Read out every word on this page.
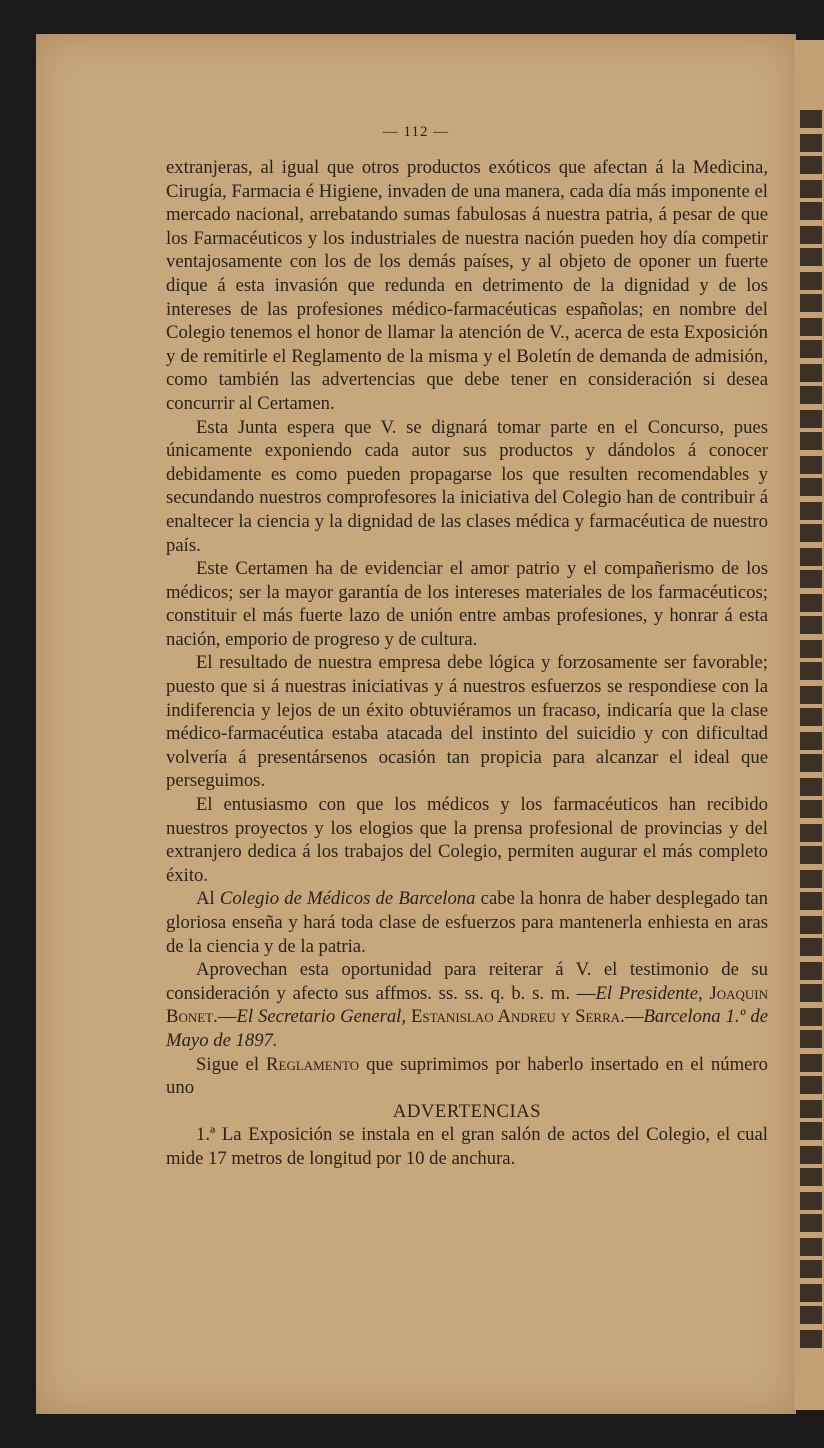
— 112 —

extranjeras, al igual que otros productos exóticos que afectan á la Medicina, Cirugía, Farmacia é Higiene, invaden de una manera, cada día más imponente el mercado nacional, arrebatando sumas fabulosas á nuestra patria, á pesar de que los Farmacéuticos y los industriales de nuestra nación pueden hoy día competir ventajosamente con los de los demás países, y al objeto de oponer un fuerte dique á esta invasión que redunda en detrimento de la dignidad y de los intereses de las profesiones médico-farmacéuticas españolas; en nombre del Colegio tenemos el honor de llamar la atención de V., acerca de esta Exposición y de remitirle el Reglamento de la misma y el Boletín de demanda de admisión, como también las advertencias que debe tener en consideración si desea concurrir al Certamen.

Esta Junta espera que V. se dignará tomar parte en el Concurso, pues únicamente exponiendo cada autor sus productos y dándolos á conocer debidamente es como pueden propagarse los que resulten recomendables y secundando nuestros comprofesores la iniciativa del Colegio han de contribuir á enaltecer la ciencia y la dignidad de las clases médica y farmacéutica de nuestro país.

Este Certamen ha de evidenciar el amor patrio y el compañerismo de los médicos; ser la mayor garantía de los intereses materiales de los farmacéuticos; constituir el más fuerte lazo de unión entre ambas profesiones, y honrar á esta nación, emporio de progreso y de cultura.

El resultado de nuestra empresa debe lógica y forzosamente ser favorable; puesto que si á nuestras iniciativas y á nuestros esfuerzos se respondiese con la indiferencia y lejos de un éxito obtuviéramos un fracaso, indicaría que la clase médico-farmacéutica estaba atacada del instinto del suicidio y con dificultad volvería á presentársenos ocasión tan propicia para alcanzar el ideal que perseguimos.

El entusiasmo con que los médicos y los farmacéuticos han recibido nuestros proyectos y los elogios que la prensa profesional de provincias y del extranjero dedica á los trabajos del Colegio, permiten augurar el más completo éxito.

Al Colegio de Médicos de Barcelona cabe la honra de haber desplegado tan gloriosa enseña y hará toda clase de esfuerzos para mantenerla enhiesta en aras de la ciencia y de la patria.

Aprovechan esta oportunidad para reiterar á V. el testimonio de su consideración y afecto sus affmos. ss. ss. q. b. s. m. —El Presidente, Joaquin Bonet.—El Secretario General, Estanislao Andreu y Serra.—Barcelona 1.º de Mayo de 1897.

Sigue el Reglamento que suprimimos por haberlo insertado en el número uno

ADVERTENCIAS

1.ª La Exposición se instala en el gran salón de actos del Colegio, el cual mide 17 metros de longitud por 10 de anchura.
